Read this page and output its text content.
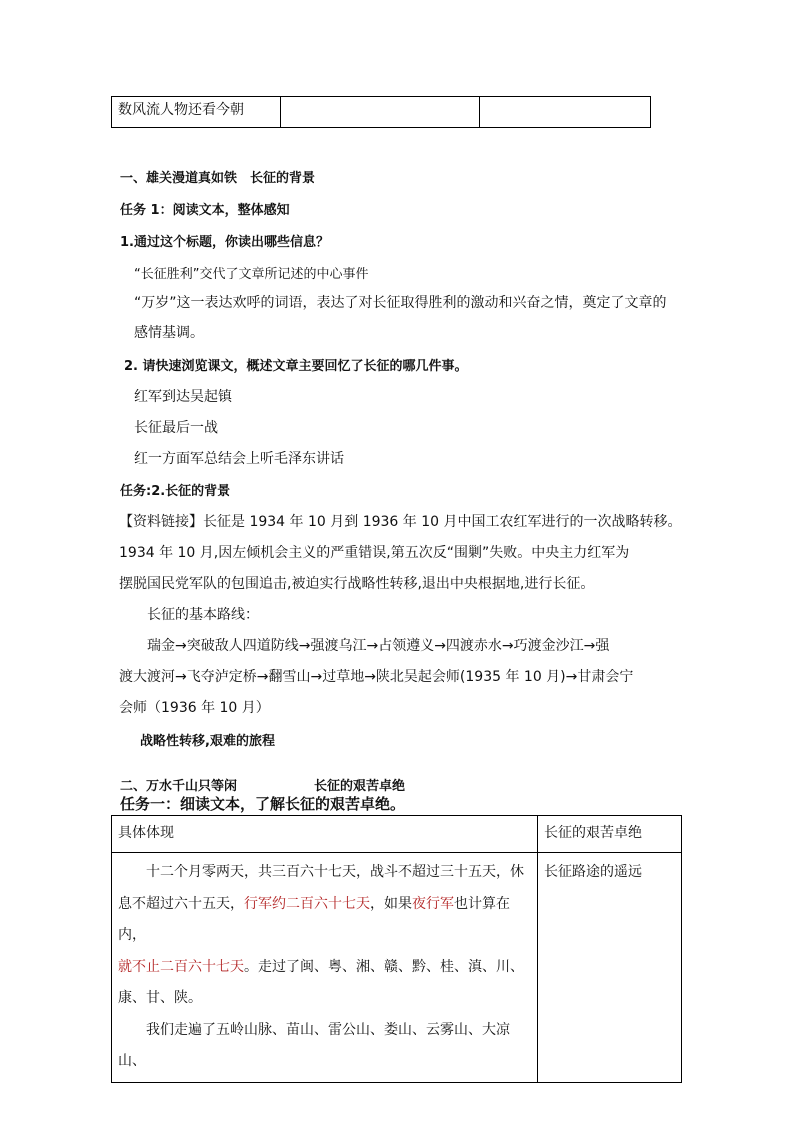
数风流人物还看今朝		
一、雄关漫道真如铁　长征的背景
任务 1：阅读文本，整体感知
1.通过这个标题，你读出哪些信息？
“长征胜利”交代了文章所记述的中心事件
“万岁”这一表达欢呼的词语，表达了对长征取得胜利的激动和兴奋之情，奠定了文章的
感情基调。
2. 请快速浏览课文，概述文章主要回忆了长征的哪几件事。
红军到达吴起镇
长征最后一战
红一方面军总结会上听毛泽东讲话
任务:2.长征的背景
【资料链接】长征是 1934 年 10 月到 1936 年 10 月中国工农红军进行的一次战略转移。
1934 年 10 月,因左倾机会主义的严重错误,第五次反“围剿”失败。中央主力红军为
摆脱国民党军队的包围追击,被迫实行战略性转移,退出中央根据地,进行长征。
长征的基本路线：
瑞金→突破敌人四道防线→强渡乌江→占领遵义→四渡赤水→巧渡金沙江→强
渡大渡河→飞夺泸定桥→翻雪山→过草地→陕北吴起会师(1935 年 10 月)→甘肃会宁
会师（1936 年 10 月）
战略性转移,艰难的旅程
二、万水千山只等闲	长征的艰苦卓绝
任务一：细读文本，了解长征的艰苦卓绝。
具体体现	长征的艰苦卓绝

十二个月零两天，共三百六十七天，战斗不超过三十五天，休

息不超过六十五天，行军约二百六十七天，如果夜行军也计算在内，

就不止二百六十七天。走过了闽、粤、湘、赣、黔、桂、滇、川、

康、甘、陕。

我们走遍了五岭山脉、苗山、雷公山、娄山、云雾山、大凉山、	长征路途的遥远
